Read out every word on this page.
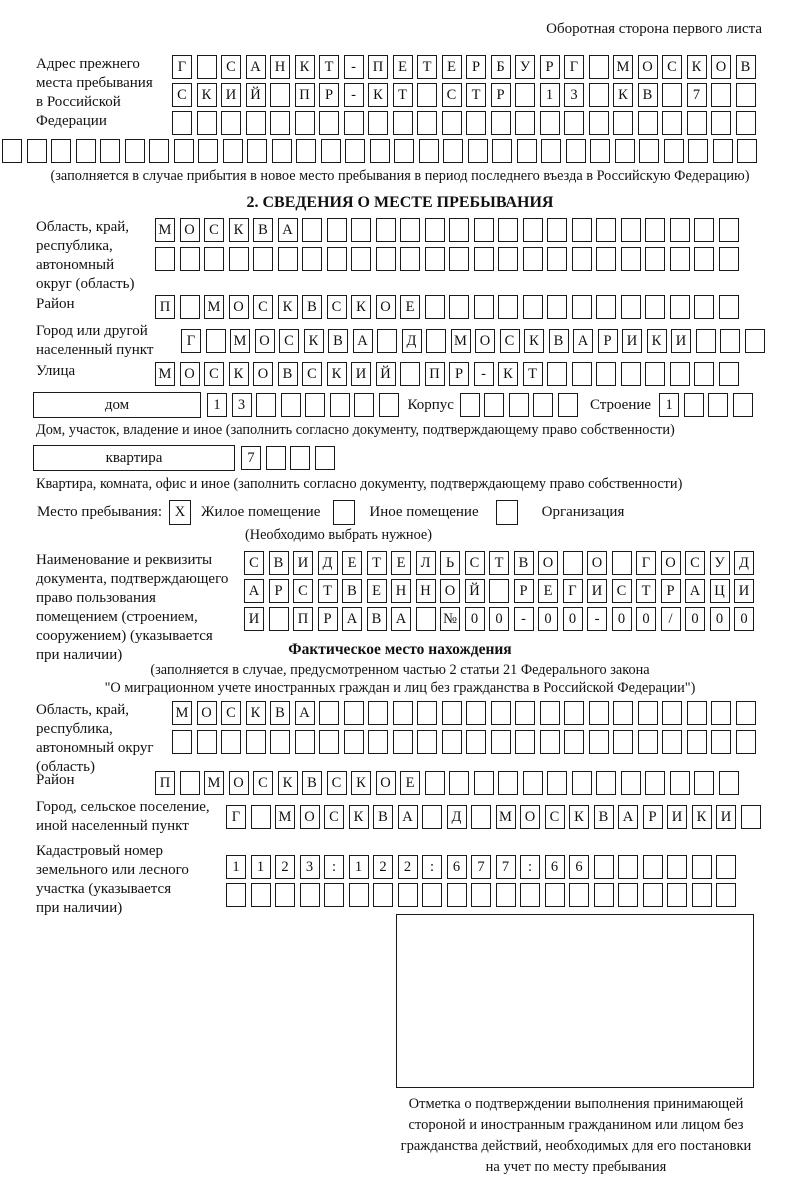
Оборотная сторона первого листа
Адрес прежнего
места пребывания
в Российской
Федерации
Г	С А Н К	Т	-	П	Е	Т	Е	Р	Б	У	Р	Г	М О С	К О В
С	К И Й	П	Р	-	К	Т	С	Т	Р	1	3	К	В	7
(заполняется в случае прибытия в новое место пребывания в период последнего въезда в Российскую Федерацию)
2. СВЕДЕНИЯ О МЕСТЕ ПРЕБЫВАНИЯ
Область, край,
республика,
автономный
округ (область)
М О С	К	В А
Район	П	М О С	К	В	С	К О	Е
Город или другой
населенный пункт
Г	М О С	К	В А	Д	М О С	К	В А	Р	И К И
Улица	М О С	К О В	С	К И Й	П	Р	-	К	Т
дом	1	3	Корпус	Строение 1
Дом, участок, владение и иное (заполнить согласно документу, подтверждающему право собственности)
квартира	7
Квартира, комната, офис и иное (заполнить согласно документу, подтверждающему право собственности)
Место пребывания: X	Жилое помещение	Иное помещение	Организация
(Необходимо выбрать нужное)
Наименование и реквизиты
документа, подтверждающего
право пользования
помещением (строением,
сооружением) (указывается
при наличии)
С	В И Д	Е	Т	Е	Л	Ь	С	Т	В О	О	Г	О С	У Д
А	Р	С	Т	В	Е	Н Н О Й	Р	Е	Г	И С	Т	Р	А Ц И
И	П	Р	А В А	№ 0	0	-	0	0	-	0	0	/	0	0	0
Фактическое место нахождения
(заполняется в случае, предусмотренном частью 2 статьи 21 Федерального закона
"О миграционном учете иностранных граждан и лиц без гражданства в Российской Федерации")
Область, край,
республика,
автономный округ
(область)
М О С	К	В А
Район	П	М О С	К	В	С	К О	Е
Город, сельское поселение,
иной населенный пункт
Г	М О С	К	В А	Д	М О С	К	В А	Р	И К И
Кадастровый номер
земельного или лесного
участка (указывается
при наличии)
1	1	2	3	:	1	2	2	:	6	7	7	:	6	6
Отметка о подтверждении выполнения принимающей
стороной и иностранным гражданином или лицом без
гражданства действий, необходимых для его постановки
на учет по месту пребывания
